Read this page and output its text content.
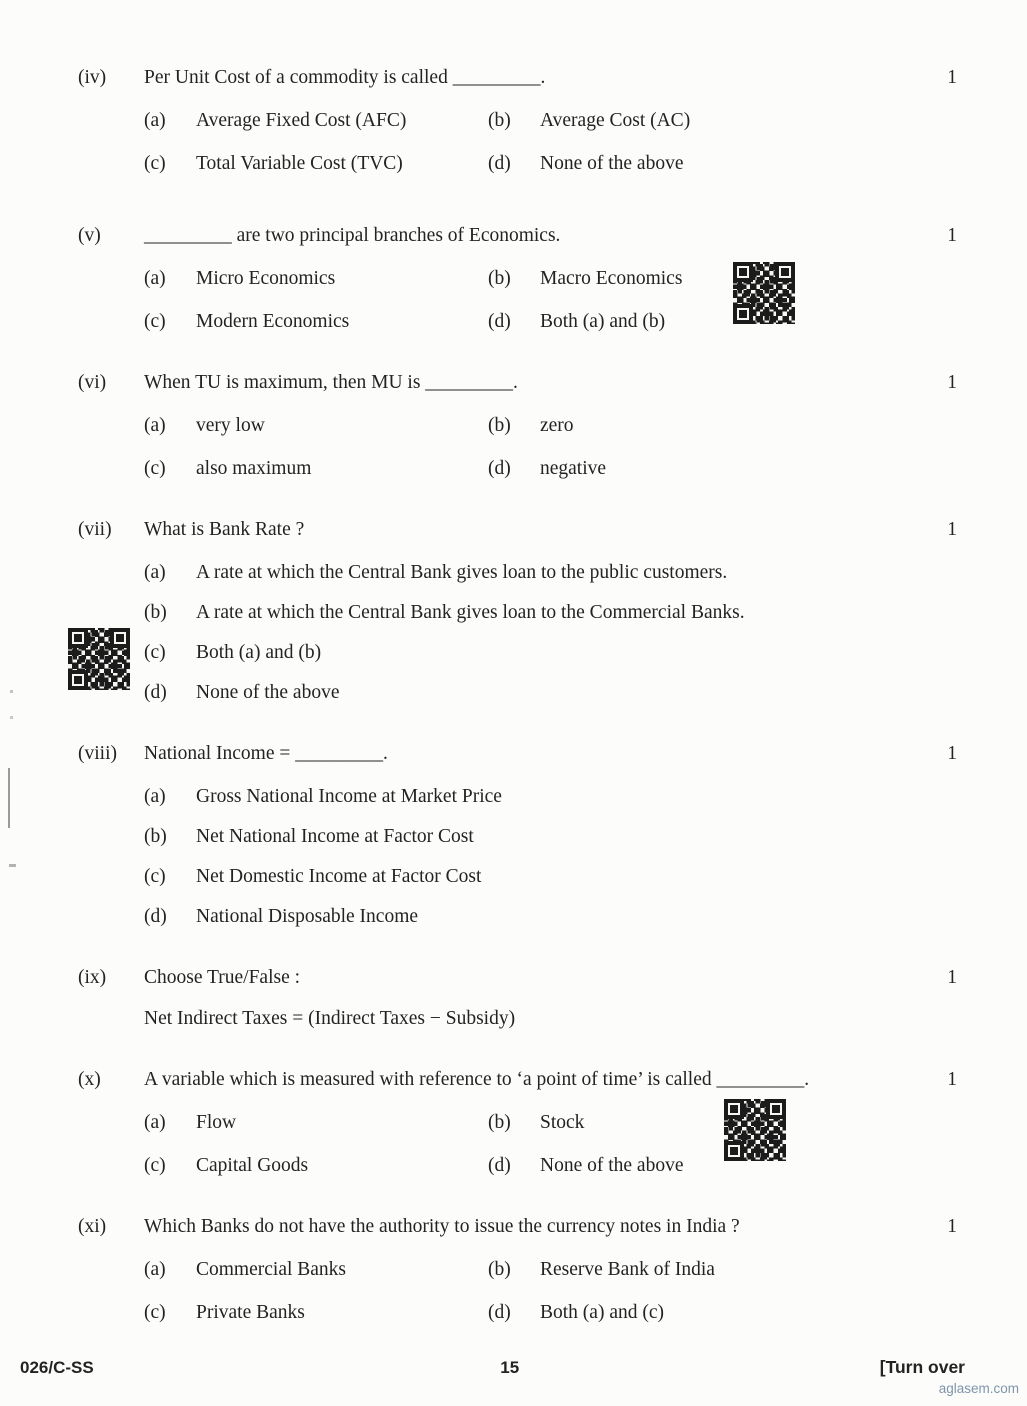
(iv)	Per Unit Cost of a commodity is called _________.	1
(a)	Average Fixed Cost (AFC)	(b)	Average Cost (AC)
(c)	Total Variable Cost (TVC)	(d)	None of the above
(v)	_________ are two principal branches of Economics.	1
(a)	Micro Economics	(b)	Macro Economics
(c)	Modern Economics	(d)	Both (a) and (b)
(vi)	When TU is maximum, then MU is _________.	1
(a)	very low	(b)	zero
(c)	also maximum	(d)	negative
(vii)	What is Bank Rate ?	1
(a)	A rate at which the Central Bank gives loan to the public customers.
(b)	A rate at which the Central Bank gives loan to the Commercial Banks.
(c)	Both (a) and (b)
(d)	None of the above
(viii)	National Income = _________.	1
(a)	Gross National Income at Market Price
(b)	Net National Income at Factor Cost
(c)	Net Domestic Income at Factor Cost
(d)	National Disposable Income
(ix)	Choose True/False :	1
Net Indirect Taxes = (Indirect Taxes − Subsidy)
(x)	A variable which is measured with reference to ‘a point of time’ is called _________.	1
(a)	Flow	(b)	Stock
(c)	Capital Goods	(d)	None of the above
(xi)	Which Banks do not have the authority to issue the currency notes in India ?	1
(a)	Commercial Banks	(b)	Reserve Bank of India
(c)	Private Banks	(d)	Both (a) and (c)
026/C-SS	15	[Turn over
aglasem.com
